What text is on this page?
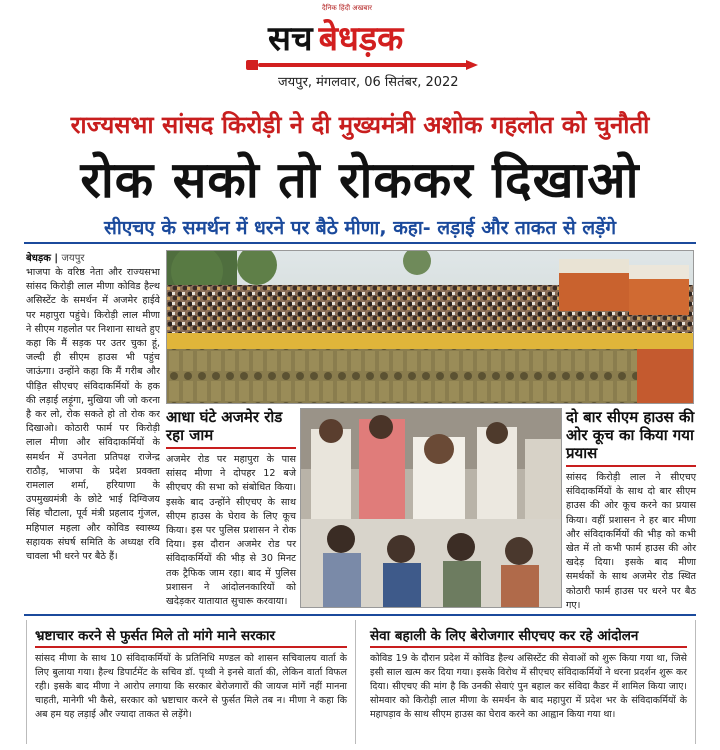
दैनिक हिंदी अखबार
सच बेधड़क
जयपुर, मंगलवार, 06 सितंबर, 2022
राज्यसभा सांसद किरोड़ी ने दी मुख्यमंत्री अशोक गहलोत को चुनौती
रोक सको तो रोककर दिखाओ
सीएचए के समर्थन में धरने पर बैठे मीणा, कहा- लड़ाई और ताकत से लड़ेंगे
बेधड़क | जयपुर
भाजपा के वरिष्ठ नेता और राज्यसभा सांसद किरोड़ी लाल मीणा कोविड हैल्थ असिस्टेंट के समर्थन में अजमेर हाईवे पर महापुरा पहुंचे। किरोड़ी लाल मीणा ने सीएम गहलोत पर निशाना साधते हुए कहा कि मैं सड़क पर उतर चुका हूं, जल्दी ही सीएम हाउस भी पहुंच जाऊंगा। उन्होंने कहा कि मैं गरीब और पीड़ित सीएचए संविदाकर्मियों के हक की लड़ाई लड़ूंगा, मुखिया जी जो करना है कर लो, रोक सकते हो तो रोक कर दिखाओ। कोठारी फार्म पर किरोड़ी लाल मीणा और संविदाकर्मियों के समर्थन में उपनेता प्रतिपक्ष राजेन्द्र राठौड़, भाजपा के प्रदेश प्रवक्ता रामलाल शर्मा, हरियाणा के उपमुख्यमंत्री के छोटे भाई दिग्विजय सिंह चौटाला, पूर्व मंत्री प्रहलाद गुंजल, महिपाल महला और कोविड स्वास्थ्य सहायक संघर्ष समिति के अध्यक्ष रवि चावला भी धरने पर बैठे हैं।
आधा घंटे अजमेर रोड रहा जाम
अजमेर रोड पर महापुरा के पास सांसद मीणा ने दोपहर 12 बजे सीएचए की सभा को संबोधित किया। इसके बाद उन्होंने सीएचए के साथ सीएम हाउस के घेराव के लिए कूच किया। इस पर पुलिस प्रशासन ने रोक दिया। इस दौरान अजमेर रोड पर संविदाकर्मियों की भीड़ से 30 मिनट तक ट्रैफिक जाम रहा। बाद में पुलिस प्रशासन ने आंदोलनकारियों को खदेड़कर यातायात सुचारू करवाया।
दो बार सीएम हाउस की ओर कूच का किया गया प्रयास
सांसद किरोड़ी लाल ने सीएचए संविदाकर्मियों के साथ दो बार सीएम हाउस की ओर कूच करने का प्रयास किया। वहीं प्रशासन ने हर बार मीणा और संविदाकर्मियों की भीड़ को कभी खेत में तो कभी फार्म हाउस की ओर खदेड़ दिया। इसके बाद मीणा समर्थकों के साथ अजमेर रोड स्थित कोठारी फार्म हाउस पर धरने पर बैठ गए।
भ्रष्टाचार करने से फुर्सत मिले तो मांगे माने सरकार
सांसद मीणा के साथ 10 संविदाकर्मियों के प्रतिनिधि मण्डल को शासन सचिवालय वार्ता के लिए बुलाया गया। हैल्थ डिपार्टमेंट के सचिव डॉ. पृथ्वी ने इनसे वार्ता की, लेकिन वार्ता विफल रही। इसके बाद मीणा ने आरोप लगाया कि सरकार बेरोजगारों की जायज मांगें नहीं मानना चाहती, मानेगी भी कैसे, सरकार को भ्रष्टाचार करने से फुर्सत मिले तब न। मीणा ने कहा कि अब हम यह लड़ाई और ज्यादा ताकत से लड़ेंगे।
सेवा बहाली के लिए बेरोजगार सीएचए कर रहे आंदोलन
कोविड 19 के दौरान प्रदेश में कोविड हैल्थ असिस्टेंट की सेवाओं को शुरू किया गया था, जिसे इसी साल खत्म कर दिया गया। इसके विरोध में सीएचए संविदाकर्मियों ने धरना प्रदर्शन शुरू कर दिया। सीएचए की मांग है कि उनकी सेवाएं पुन बहाल कर संविदा कैडर में शामिल किया जाए। सोमवार को किरोड़ी लाल मीणा के समर्थन के बाद महापुरा में प्रदेश भर के संविदाकर्मियों के महापड़ाव के साथ सीएम हाउस का घेराव करने का आह्वान किया गया था।
